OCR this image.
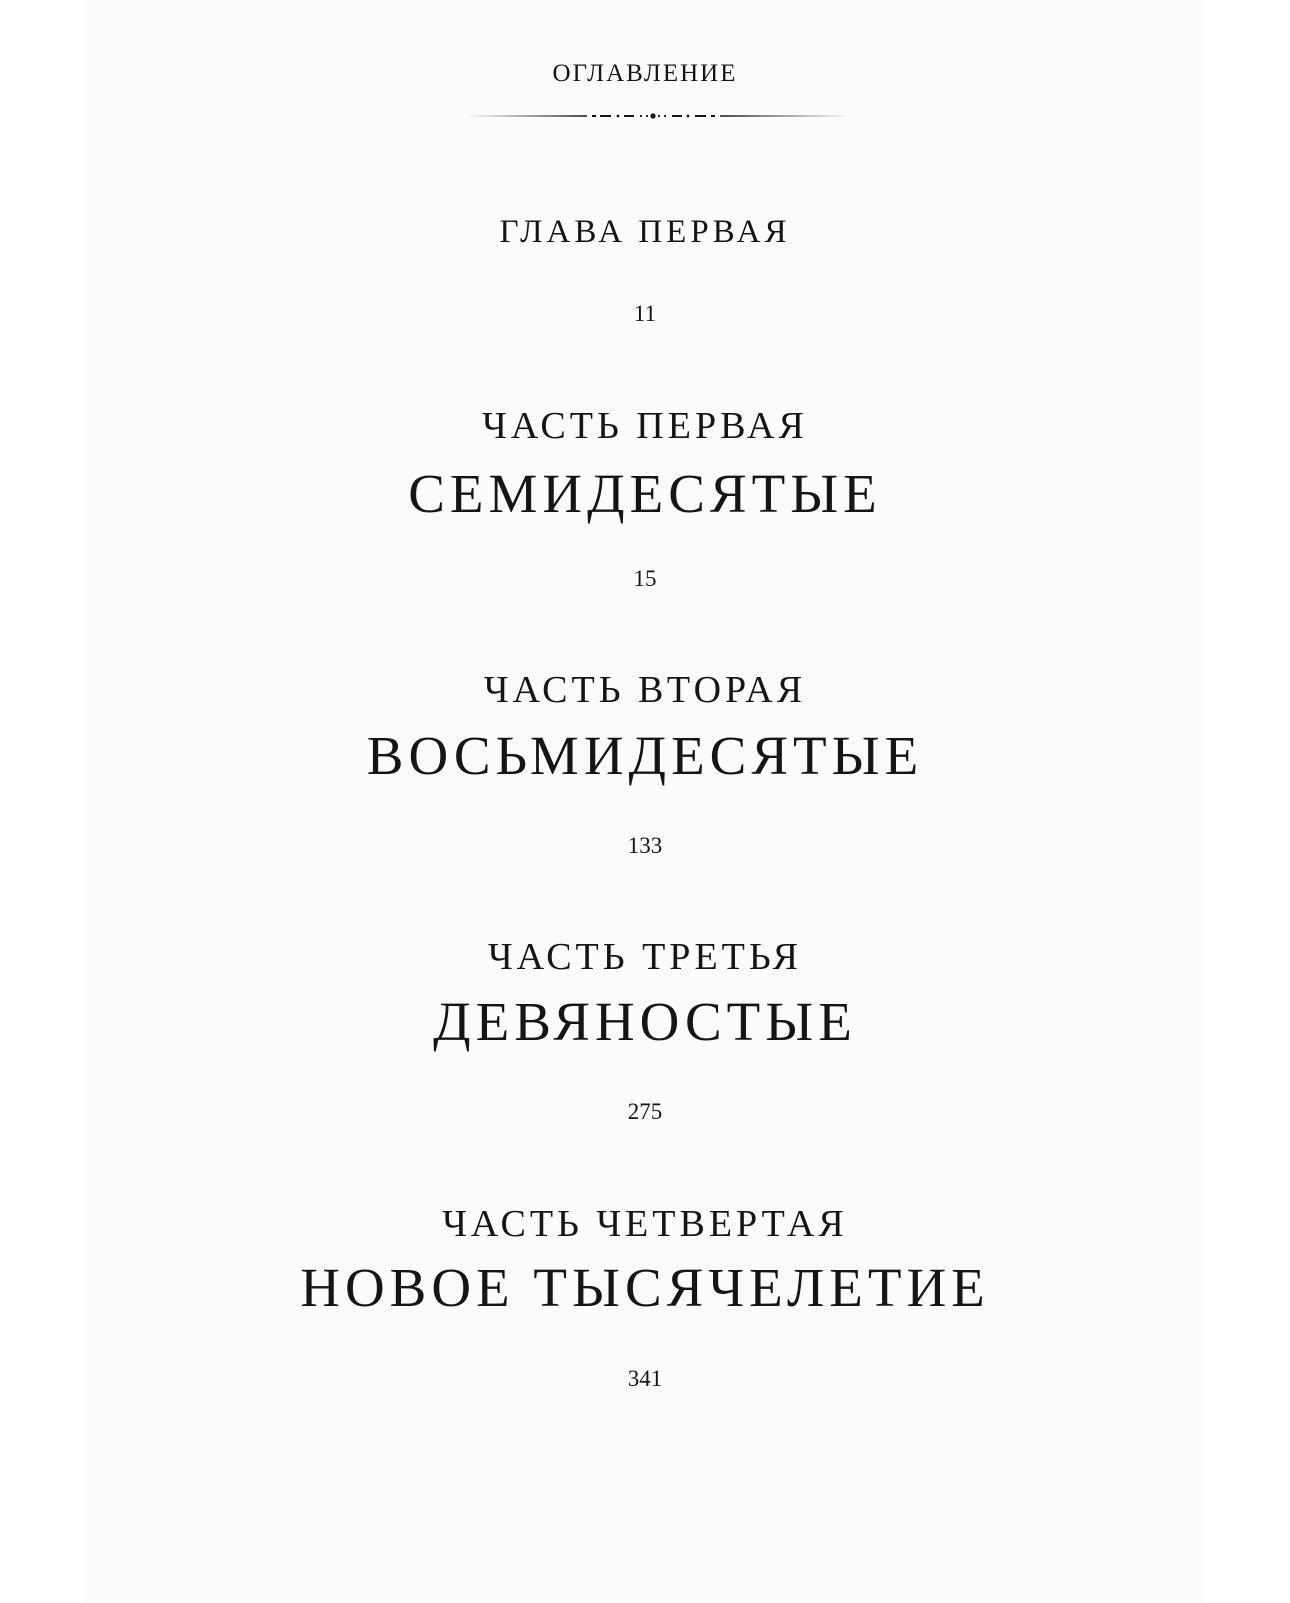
ОГЛАВЛЕНИЕ
ГЛАВА ПЕРВАЯ
11
ЧАСТЬ ПЕРВАЯ
СЕМИДЕСЯТЫЕ
15
ЧАСТЬ ВТОРАЯ
ВОСЬМИДЕСЯТЫЕ
133
ЧАСТЬ ТРЕТЬЯ
ДЕВЯНОСТЫЕ
275
ЧАСТЬ ЧЕТВЕРТАЯ
НОВОЕ ТЫСЯЧЕЛЕТИЕ
341
